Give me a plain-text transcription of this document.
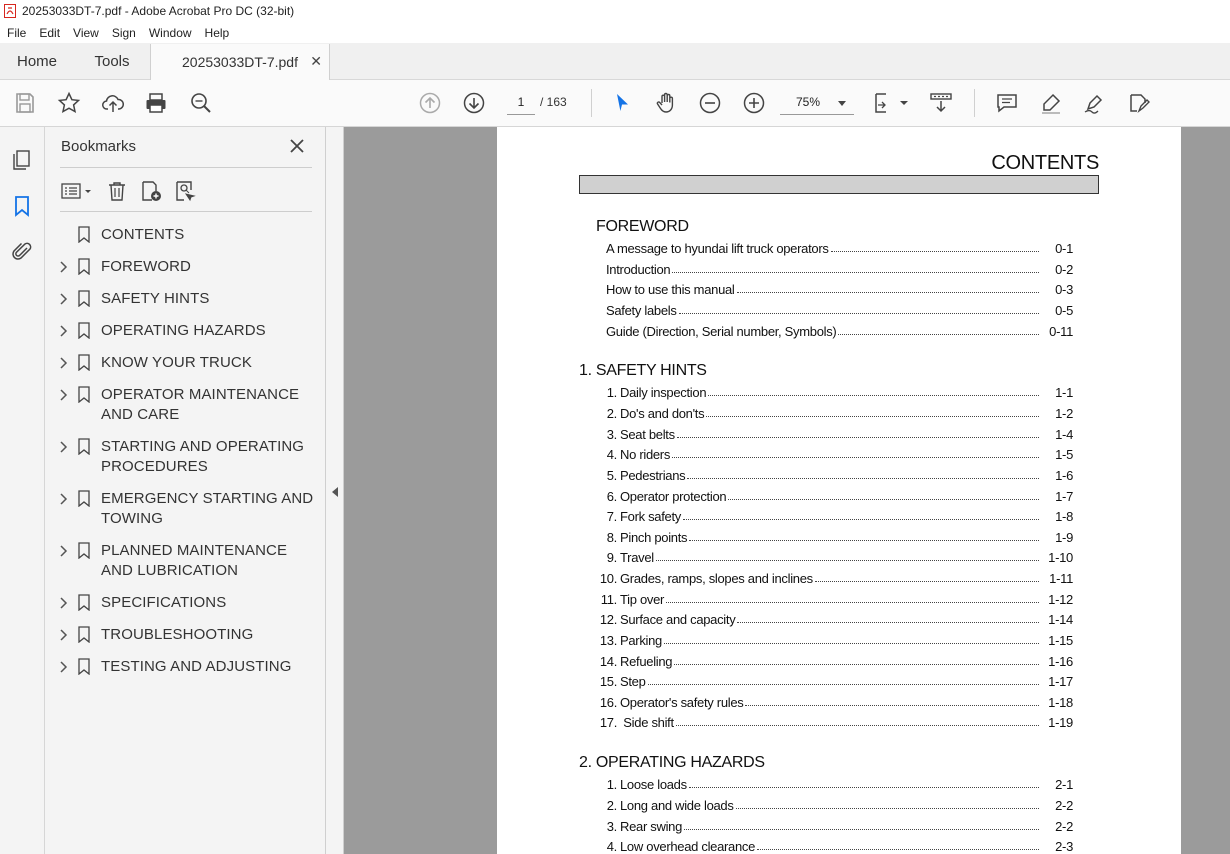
20253033DT-7.pdf - Adobe Acrobat Pro DC (32-bit)
File	Edit	View	Sign	Window	Help
Home	Tools	20253033DT-7.pdf ✕
1	/ 163	75%
Bookmarks
CONTENTS
FOREWORD
SAFETY HINTS
OPERATING HAZARDS
KNOW YOUR TRUCK
OPERATOR MAINTENANCE AND CARE
STARTING AND OPERATING PROCEDURES
EMERGENCY STARTING AND TOWING
PLANNED MAINTENANCE AND LUBRICATION
SPECIFICATIONS
TROUBLESHOOTING
TESTING AND ADJUSTING
CONTENTS
FOREWORD
A message to hyundai lift truck operators	0-1
Introduction	0-2
How to use this manual	0-3
Safety labels	0-5
Guide (Direction, Serial number, Symbols)	0-11
1. SAFETY HINTS
1. Daily inspection	1-1
2. Do's and don'ts	1-2
3. Seat belts	1-4
4. No riders	1-5
5. Pedestrians	1-6
6. Operator protection	1-7
7. Fork safety	1-8
8. Pinch points	1-9
9. Travel	1-10
10. Grades, ramps, slopes and inclines	1-11
11. Tip over	1-12
12. Surface and capacity	1-14
13. Parking	1-15
14. Refueling	1-16
15. Step	1-17
16. Operator's safety rules	1-18
17. Side shift	1-19
2. OPERATING HAZARDS
1. Loose loads	2-1
2. Long and wide loads	2-2
3. Rear swing	2-2
4. Low overhead clearance	2-3
